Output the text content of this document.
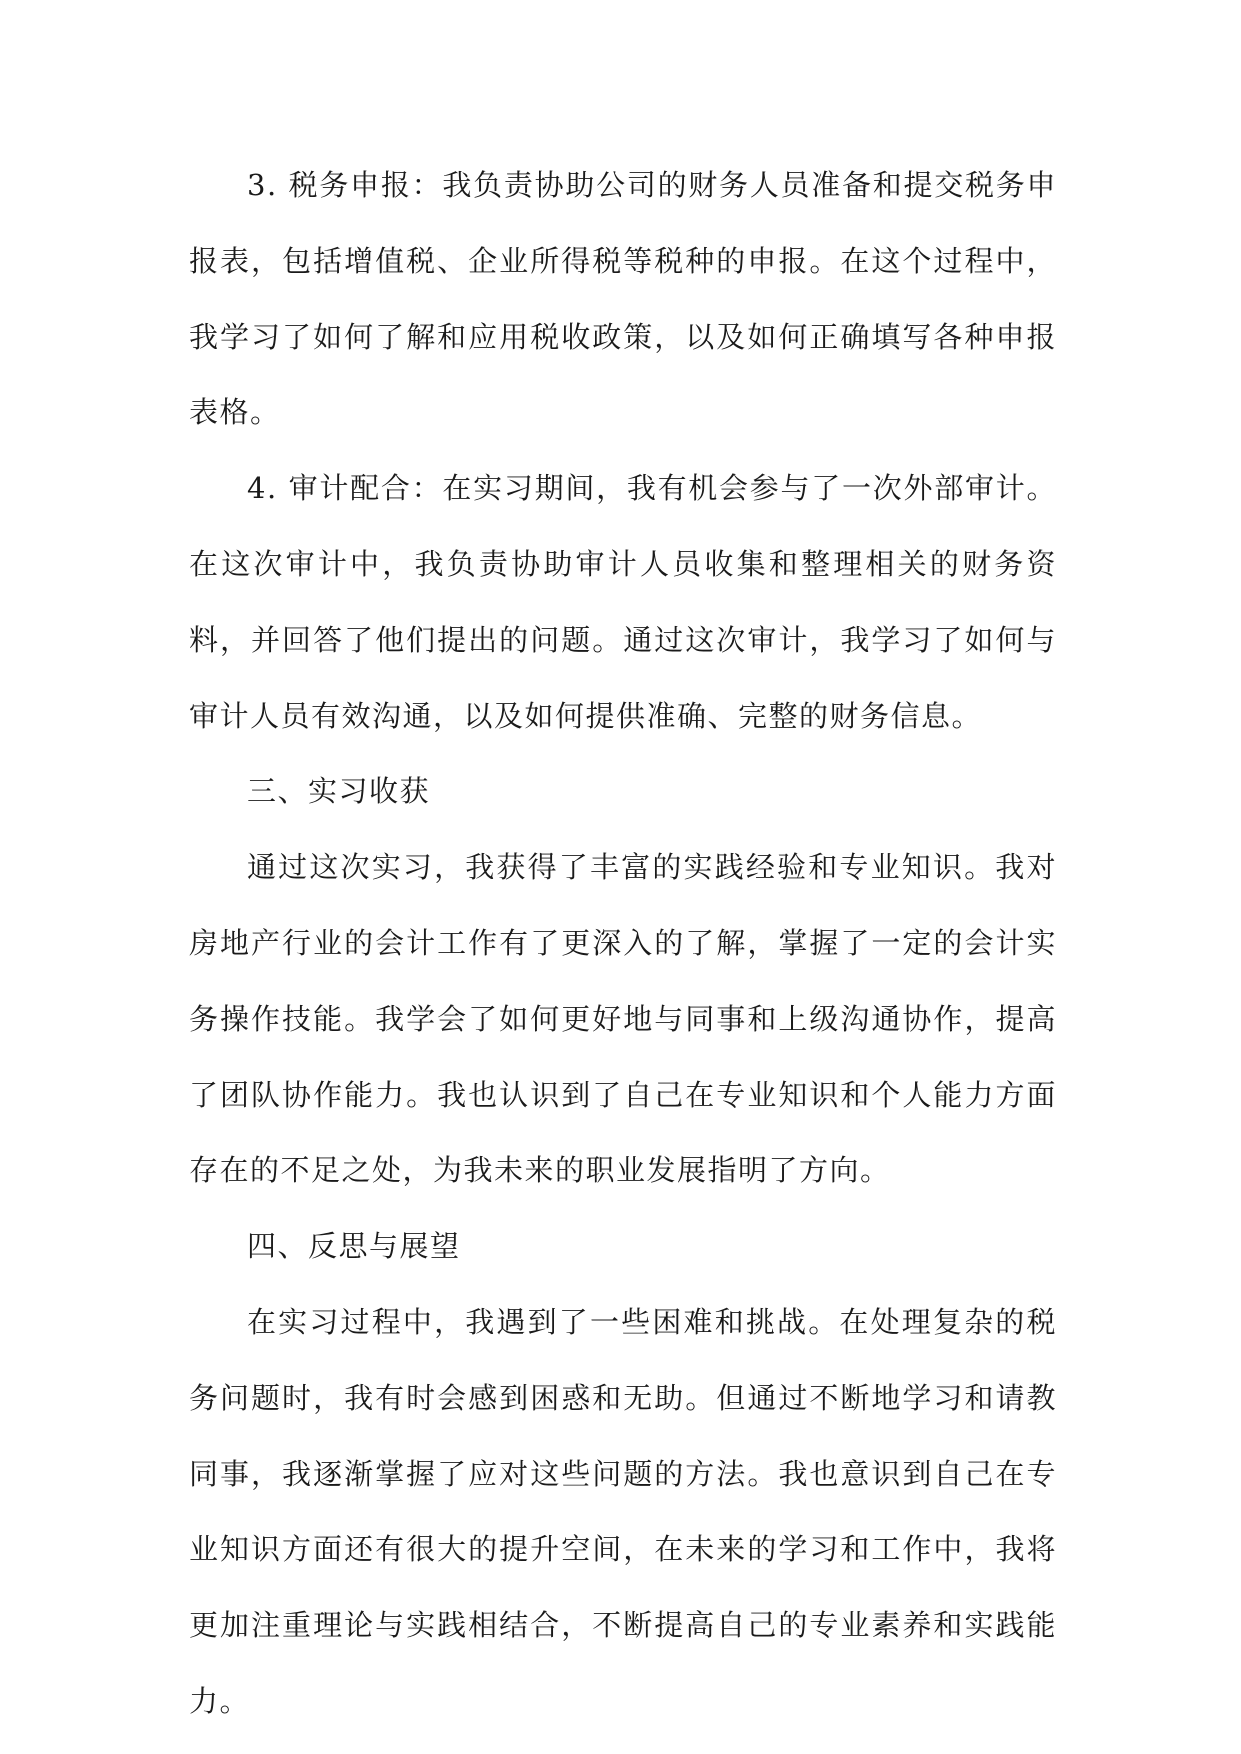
3. 税务申报：我负责协助公司的财务人员准备和提交税务申报表，包括增值税、企业所得税等税种的申报。在这个过程中，我学习了如何了解和应用税收政策，以及如何正确填写各种申报表格。

4. 审计配合：在实习期间，我有机会参与了一次外部审计。在这次审计中，我负责协助审计人员收集和整理相关的财务资料，并回答了他们提出的问题。通过这次审计，我学习了如何与审计人员有效沟通，以及如何提供准确、完整的财务信息。

三、实习收获

通过这次实习，我获得了丰富的实践经验和专业知识。我对房地产行业的会计工作有了更深入的了解，掌握了一定的会计实务操作技能。我学会了如何更好地与同事和上级沟通协作，提高了团队协作能力。我也认识到了自己在专业知识和个人能力方面存在的不足之处，为我未来的职业发展指明了方向。

四、反思与展望

在实习过程中，我遇到了一些困难和挑战。在处理复杂的税务问题时，我有时会感到困惑和无助。但通过不断地学习和请教同事，我逐渐掌握了应对这些问题的方法。我也意识到自己在专业知识方面还有很大的提升空间，在未来的学习和工作中，我将更加注重理论与实践相结合，不断提高自己的专业素养和实践能力。
